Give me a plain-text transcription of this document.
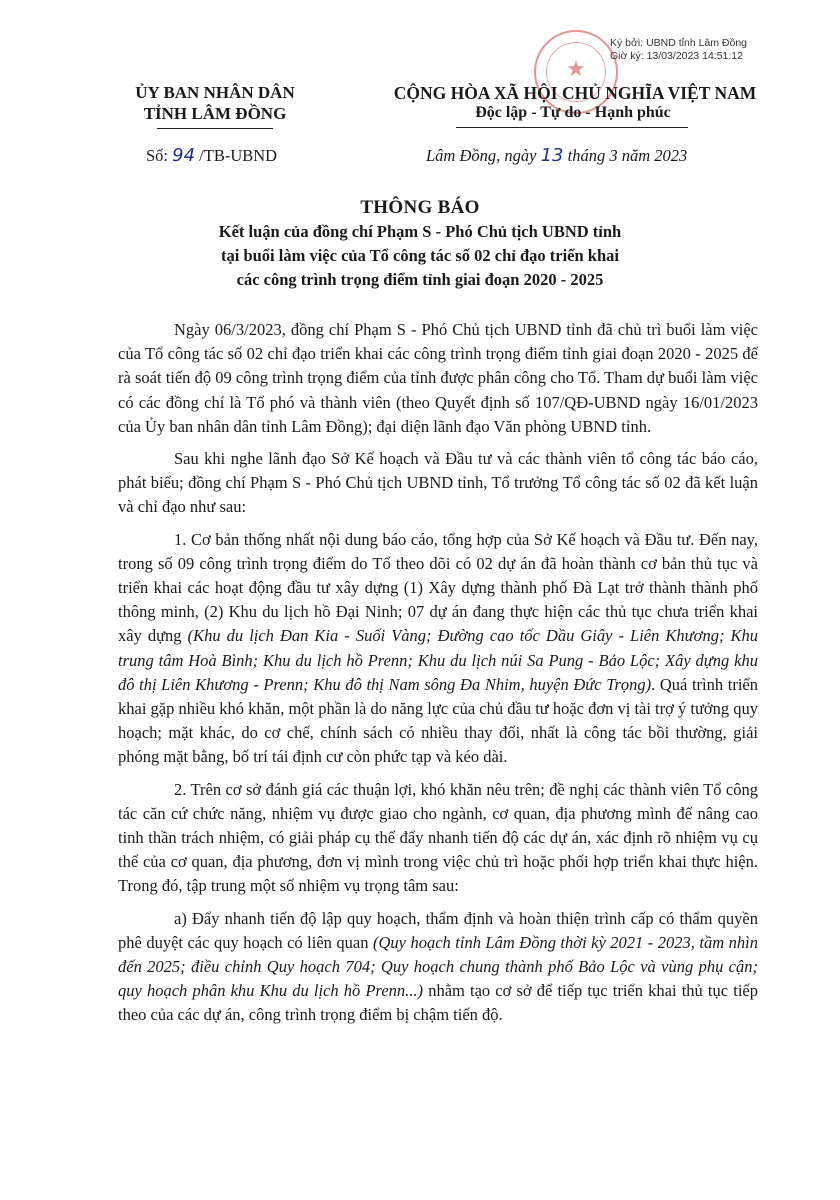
★
Ký bởi: UBND tỉnh Lâm Đồng
Giờ ký: 13/03/2023 14:51:12
ỦY BAN NHÂN DÂN
TỈNH LÂM ĐỒNG
CỘNG HÒA XÃ HỘI CHỦ NGHĨA VIỆT NAM
Độc lập - Tự do - Hạnh phúc
Số: 94 /TB-UBND	Lâm Đồng, ngày 13 tháng 3 năm 2023
THÔNG BÁO
Kết luận của đồng chí Phạm S - Phó Chủ tịch UBND tỉnh
tại buổi làm việc của Tổ công tác số 02 chỉ đạo triển khai
các công trình trọng điểm tỉnh giai đoạn 2020 - 2025

Ngày 06/3/2023, đồng chí Phạm S - Phó Chủ tịch UBND tỉnh đã chủ trì buổi làm việc của Tổ công tác số 02 chỉ đạo triển khai các công trình trọng điểm tỉnh giai đoạn 2020 - 2025 để rà soát tiến độ 09 công trình trọng điểm của tỉnh được phân công cho Tổ. Tham dự buổi làm việc có các đồng chí là Tổ phó và thành viên (theo Quyết định số 107/QĐ-UBND ngày 16/01/2023 của Ủy ban nhân dân tỉnh Lâm Đồng); đại diện lãnh đạo Văn phòng UBND tỉnh.

Sau khi nghe lãnh đạo Sở Kế hoạch và Đầu tư và các thành viên tổ công tác báo cáo, phát biểu; đồng chí Phạm S - Phó Chủ tịch UBND tỉnh, Tổ trưởng Tổ công tác số 02 đã kết luận và chỉ đạo như sau:

1. Cơ bản thống nhất nội dung báo cáo, tổng hợp của Sở Kế hoạch và Đầu tư. Đến nay, trong số 09 công trình trọng điểm do Tổ theo dõi có 02 dự án đã hoàn thành cơ bản thủ tục và triển khai các hoạt động đầu tư xây dựng (1) Xây dựng thành phố Đà Lạt trở thành thành phố thông minh, (2) Khu du lịch hồ Đại Ninh; 07 dự án đang thực hiện các thủ tục chưa triển khai xây dựng (Khu du lịch Đan Kia - Suối Vàng; Đường cao tốc Dầu Giây - Liên Khương; Khu trung tâm Hoà Bình; Khu du lịch hồ Prenn; Khu du lịch núi Sa Pung - Bảo Lộc; Xây dựng khu đô thị Liên Khương - Prenn; Khu đô thị Nam sông Đa Nhim, huyện Đức Trọng). Quá trình triển khai gặp nhiều khó khăn, một phần là do năng lực của chủ đầu tư hoặc đơn vị tài trợ ý tưởng quy hoạch; mặt khác, do cơ chế, chính sách có nhiều thay đổi, nhất là công tác bồi thường, giải phóng mặt bằng, bố trí tái định cư còn phức tạp và kéo dài.

2. Trên cơ sở đánh giá các thuận lợi, khó khăn nêu trên; đề nghị các thành viên Tổ công tác căn cứ chức năng, nhiệm vụ được giao cho ngành, cơ quan, địa phương mình để nâng cao tinh thần trách nhiệm, có giải pháp cụ thể đẩy nhanh tiến độ các dự án, xác định rõ nhiệm vụ cụ thể của cơ quan, địa phương, đơn vị mình trong việc chủ trì hoặc phối hợp triển khai thực hiện. Trong đó, tập trung một số nhiệm vụ trọng tâm sau:

a) Đẩy nhanh tiến độ lập quy hoạch, thẩm định và hoàn thiện trình cấp có thẩm quyền phê duyệt các quy hoạch có liên quan (Quy hoạch tỉnh Lâm Đồng thời kỳ 2021 - 2023, tầm nhìn đến 2025; điều chỉnh Quy hoạch 704; Quy hoạch chung thành phố Bảo Lộc và vùng phụ cận; quy hoạch phân khu Khu du lịch hồ Prenn...) nhằm tạo cơ sở để tiếp tục triển khai thủ tục tiếp theo của các dự án, công trình trọng điểm bị chậm tiến độ.
